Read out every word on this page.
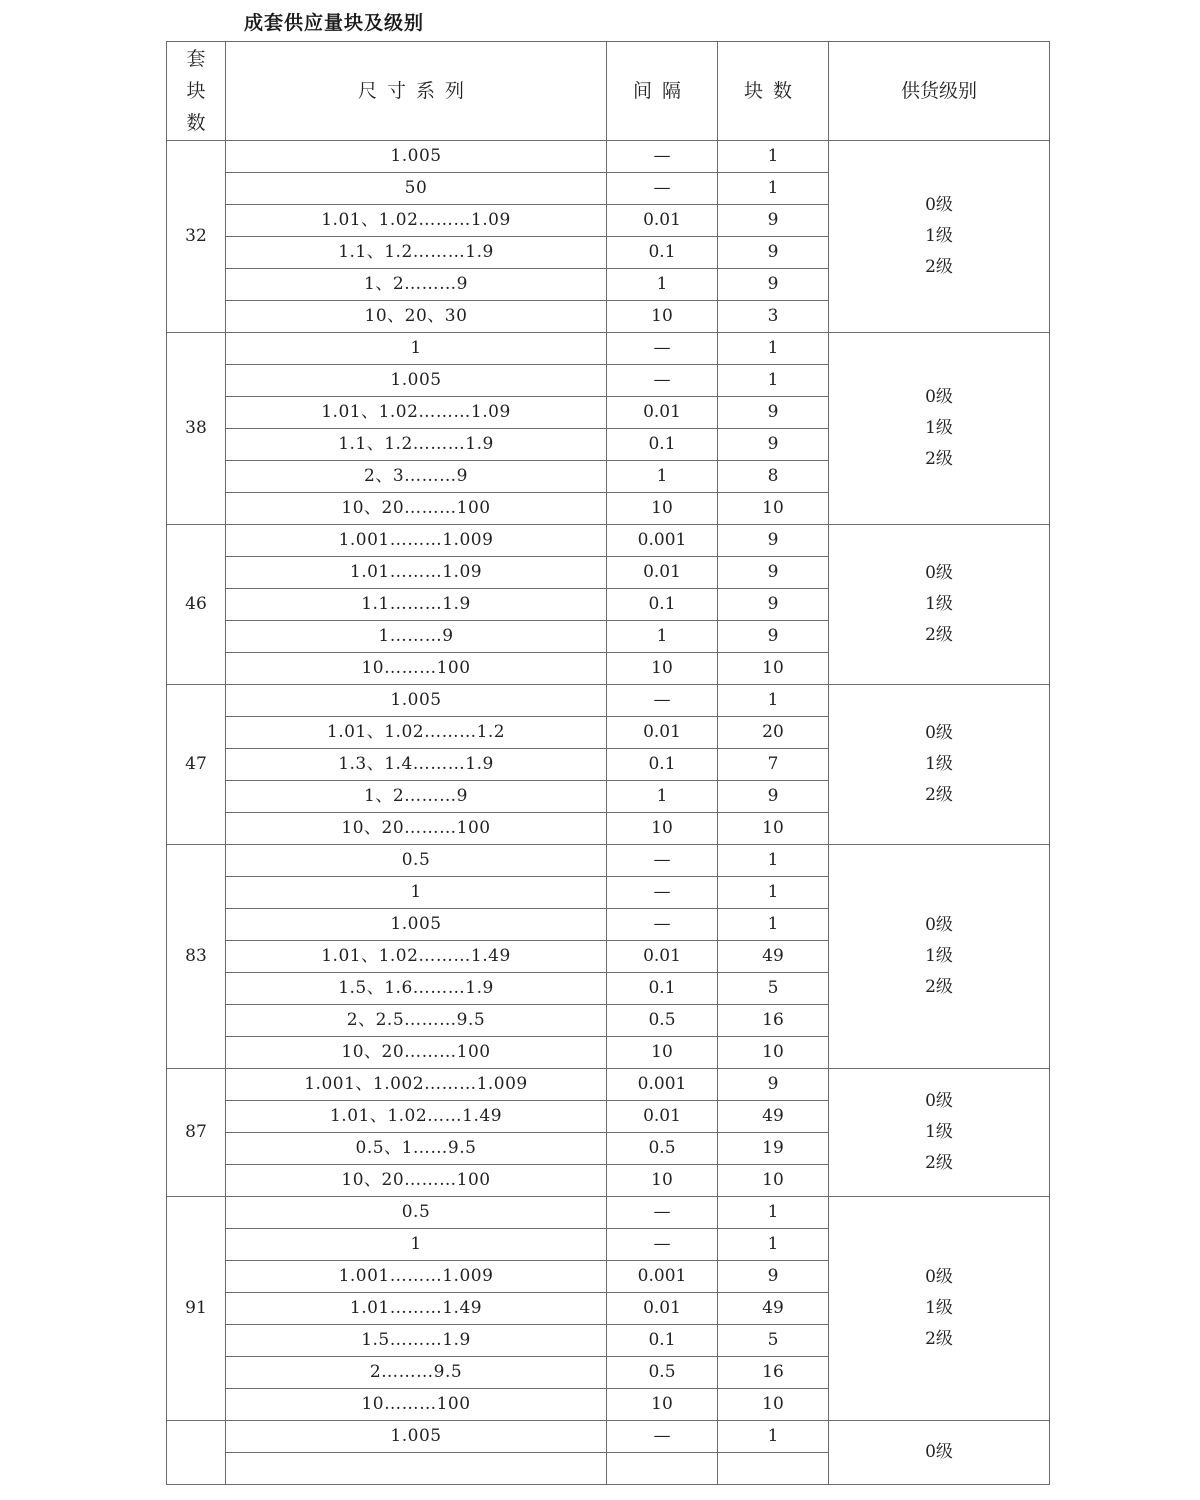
成套供应量块及级别
套块数	尺寸系列	间隔	块数	供货级别
32	1.005	—	1	0级
1级
2级

	50	—	1	
	1.01、1.02………1.09	0.01	9	
	1.1、1.2………1.9	0.1	9	
	1、2………9	1	9	
	10、20、30	10	3	
38	1	—	1	0级
1级
2级

	1.005	—	1	
	1.01、1.02………1.09	0.01	9	
	1.1、1.2………1.9	0.1	9	
	2、3………9	1	8	
	10、20………100	10	10	
46	1.001………1.009	0.001	9	0级
1级
2级

	1.01………1.09	0.01	9	
	1.1………1.9	0.1	9	
	1………9	1	9	
	10………100	10	10	
47	1.005	—	1	0级
1级
2级

	1.01、1.02………1.2	0.01	20	
	1.3、1.4………1.9	0.1	7	
	1、2………9	1	9	
	10、20………100	10	10	
83	0.5	—	1	0级
1级
2级

	1	—	1	
	1.005	—	1	
	1.01、1.02………1.49	0.01	49	
	1.5、1.6………1.9	0.1	5	
	2、2.5………9.5	0.5	16	
	10、20………100	10	10	
87	1.001、1.002………1.009	0.001	9	0级
1级
2级

	1.01、1.02……1.49	0.01	49	
	0.5、1……9.5	0.5	19	
	10、20………100	10	10	
91	0.5	—	1	0级
1级
2级

	1	—	1	
	1.001………1.009	0.001	9	
	1.01………1.49	0.01	49	
	1.5………1.9	0.1	5	
	2………9.5	0.5	16	
	10………100	10	10	
	1.005	—	1	0级
